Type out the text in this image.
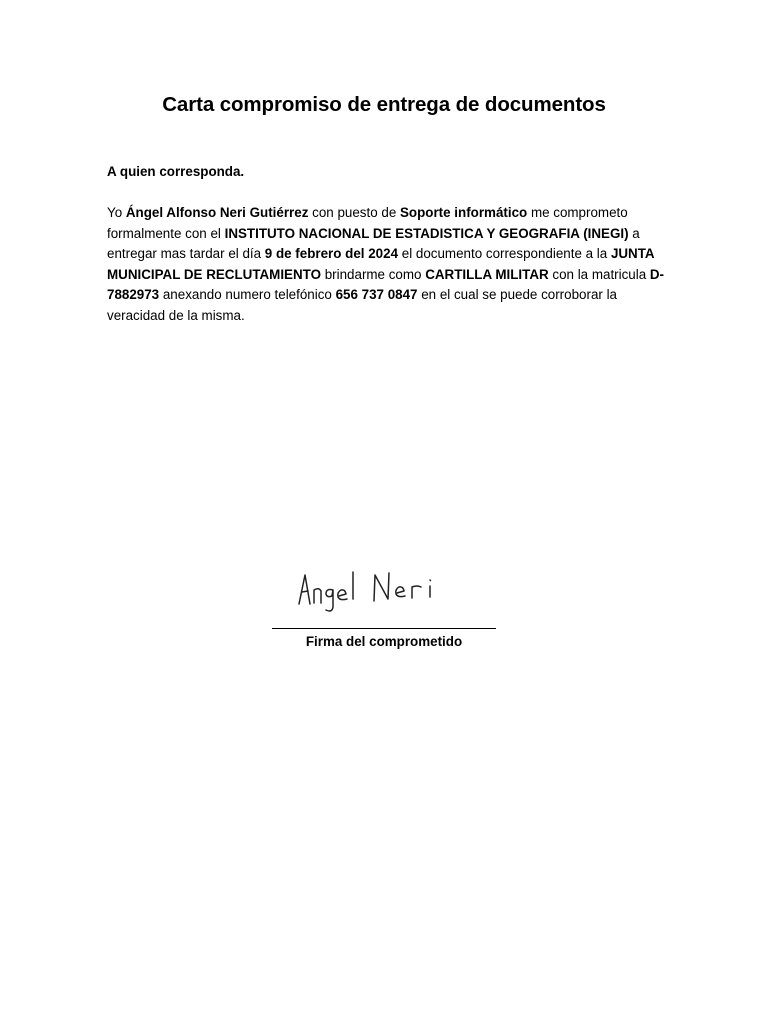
Carta compromiso de entrega de documentos
A quien corresponda.
Yo Ángel Alfonso Neri Gutiérrez con puesto de Soporte informático me comprometo formalmente con el INSTITUTO NACIONAL DE ESTADISTICA Y GEOGRAFIA (INEGI) a entregar mas tardar el día 9 de febrero del 2024 el documento correspondiente a la JUNTA MUNICIPAL DE RECLUTAMIENTO brindarme como CARTILLA MILITAR con la matricula D-7882973 anexando numero telefónico 656 737 0847 en el cual se puede corroborar la veracidad de la misma.
Firma del comprometido
